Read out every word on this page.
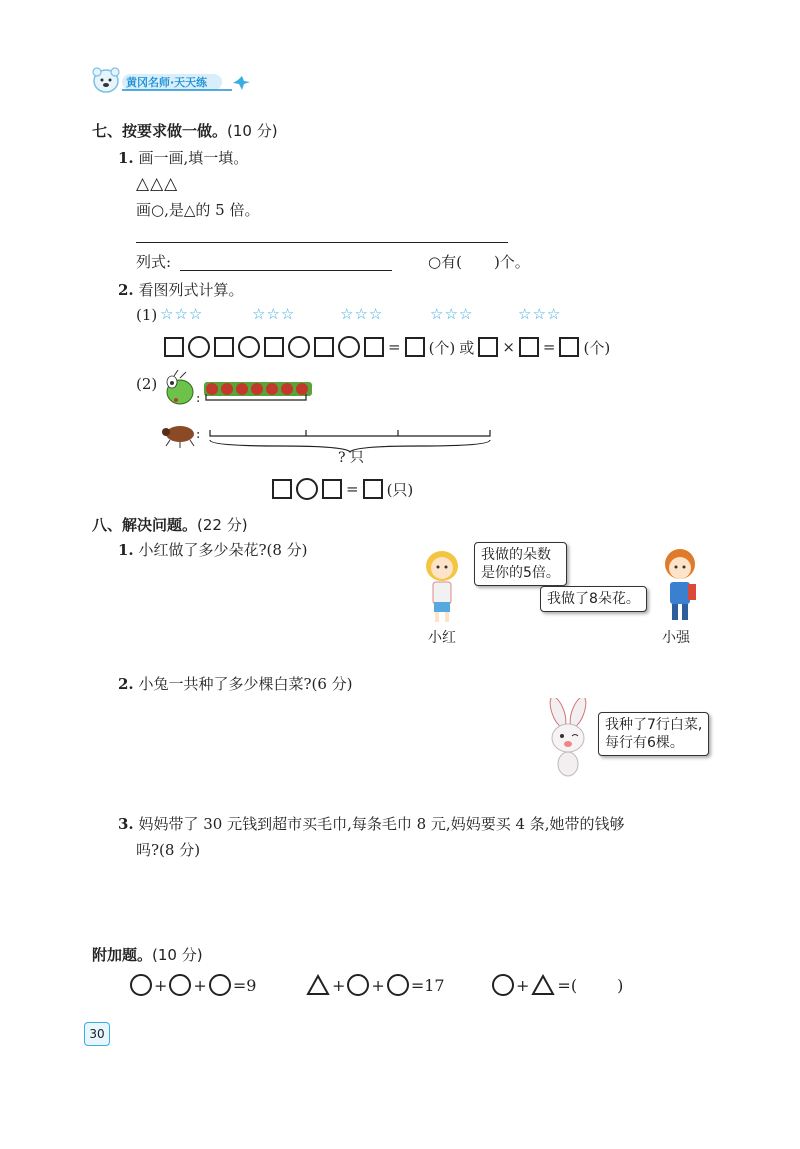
黄冈名师·天天练
七、按要求做一做。(10 分)
1. 画一画,填一填。
△△△
画○,是△的 5 倍。
列式:	○有( )个。
2. 看图列式计算。
(1) ☆☆☆	☆☆☆	☆☆☆	☆☆☆	☆☆☆
= (个) 或 × = (个)
(2)
:
:
? 只
= (只)
八、解决问题。(22 分)
1. 小红做了多少朵花?(8 分)	我做的朵数
是你的5倍。
我做了8朵花。
小红	小强
2. 小兔一共种了多少棵白菜?(6 分)
我种了7行白菜,
每行有6棵。
3. 妈妈带了 30 元钱到超市买毛巾,每条毛巾 8 元,妈妈要买 4 条,她带的钱够
吗?(8 分)
附加题。(10 分)
+ + =9	+ + =17	+ =(	)
30
